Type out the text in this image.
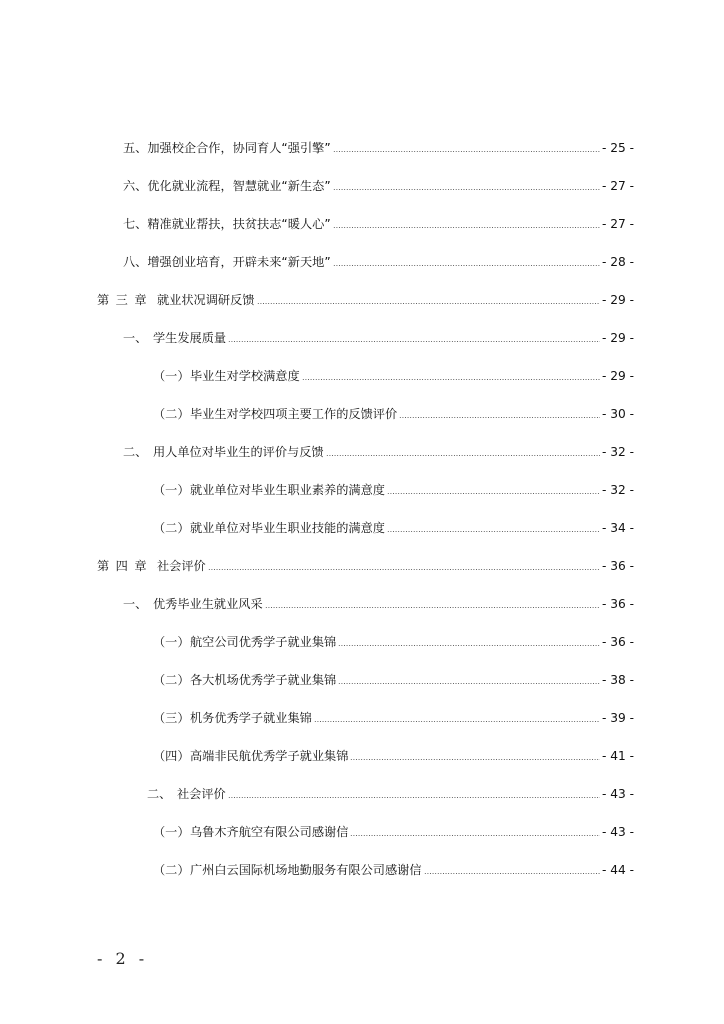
五、 加强校企合作，协同育人“强引擎”	- 25 -
六、 优化就业流程，智慧就业“新生态”	- 27 -
七、 精准就业帮扶，扶贫扶志“暖人心”	- 27 -
八、 增强创业培育，开辟未来“新天地”	- 28 -
第三章 就业状况调研反馈	- 29 -
一、 学生发展质量	- 29 -
（一） 毕业生对学校满意度	- 29 -
（二） 毕业生对学校四项主要工作的反馈评价	- 30 -
二、 用人单位对毕业生的评价与反馈	- 32 -
（一） 就业单位对毕业生职业素养的满意度	- 32 -
（二） 就业单位对毕业生职业技能的满意度	- 34 -
第四章 社会评价	- 36 -
一、 优秀毕业生就业风采	- 36 -
（一） 航空公司优秀学子就业集锦	- 36 -
（二） 各大机场优秀学子就业集锦	- 38 -
（三） 机务优秀学子就业集锦	- 39 -
（四） 高端非民航优秀学子就业集锦	- 41 -
二、 社会评价	- 43 -
（一） 乌鲁木齐航空有限公司感谢信	- 43 -
（二） 广州白云国际机场地勤服务有限公司感谢信	- 44 -
- 2 -
